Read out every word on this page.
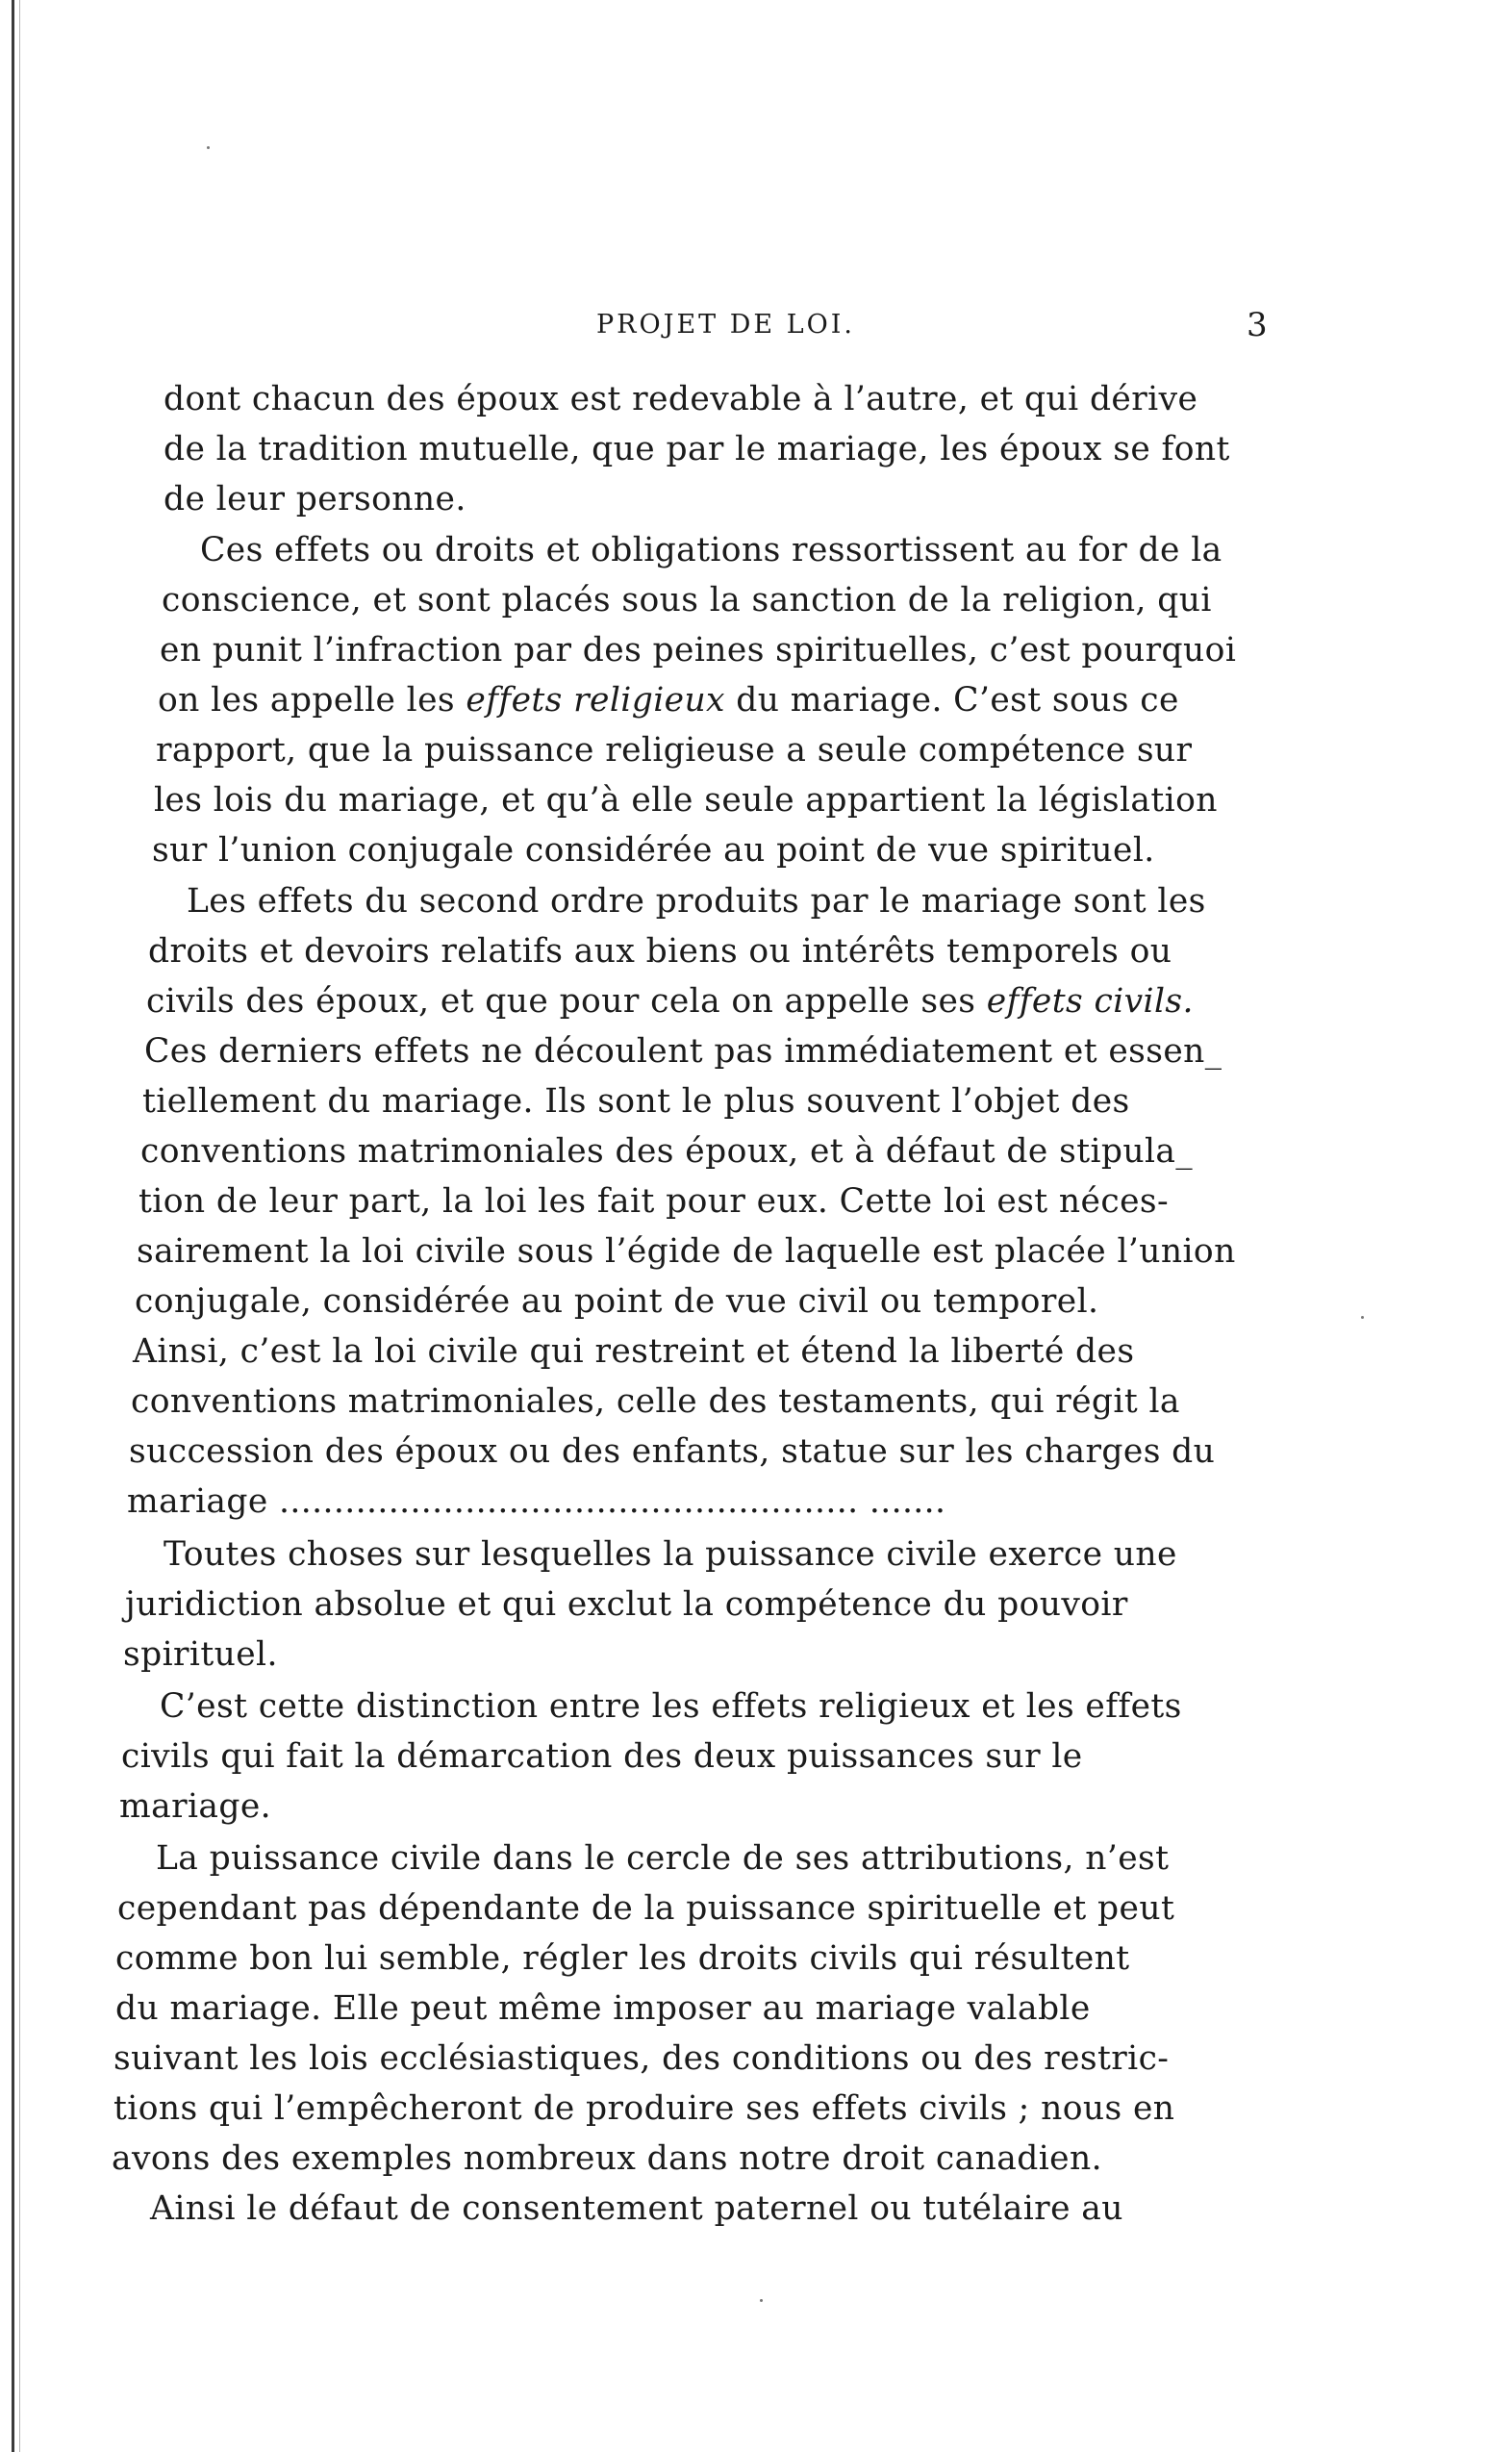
PROJET DE LOI.	3
dont chacun des époux est redevable à l’autre, et qui dérive
de la tradition mutuelle, que par le mariage, les époux se font
de leur personne.
Ces effets ou droits et obligations ressortissent au for de la
conscience, et sont placés sous la sanction de la religion, qui
en punit l’infraction par des peines spirituelles, c’est pourquoi
on les appelle les effets religieux du mariage. C’est sous ce
rapport, que la puissance religieuse a seule compétence sur
les lois du mariage, et qu’à elle seule appartient la législation
sur l’union conjugale considérée au point de vue spirituel.
Les effets du second ordre produits par le mariage sont les
droits et devoirs relatifs aux biens ou intérêts temporels ou
civils des époux, et que pour cela on appelle ses effets civils.
Ces derniers effets ne découlent pas immédiatement et essen_
tiellement du mariage. Ils sont le plus souvent l’objet des
conventions matrimoniales des époux, et à défaut de stipula_
tion de leur part, la loi les fait pour eux. Cette loi est néces-
sairement la loi civile sous l’égide de laquelle est placée l’union
conjugale, considérée au point de vue civil ou temporel.
Ainsi, c’est la loi civile qui restreint et étend la liberté des
conventions matrimoniales, celle des testaments, qui régit la
succession des époux ou des enfants, statue sur les charges du
mariage ..................................................... .......
Toutes choses sur lesquelles la puissance civile exerce une
juridiction absolue et qui exclut la compétence du pouvoir
spirituel.
C’est cette distinction entre les effets religieux et les effets
civils qui fait la démarcation des deux puissances sur le
mariage.
La puissance civile dans le cercle de ses attributions, n’est
cependant pas dépendante de la puissance spirituelle et peut
comme bon lui semble, régler les droits civils qui résultent
du mariage. Elle peut même imposer au mariage valable
suivant les lois ecclésiastiques, des conditions ou des restric-
tions qui l’empêcheront de produire ses effets civils ; nous en
avons des exemples nombreux dans notre droit canadien.
Ainsi le défaut de consentement paternel ou tutélaire au
